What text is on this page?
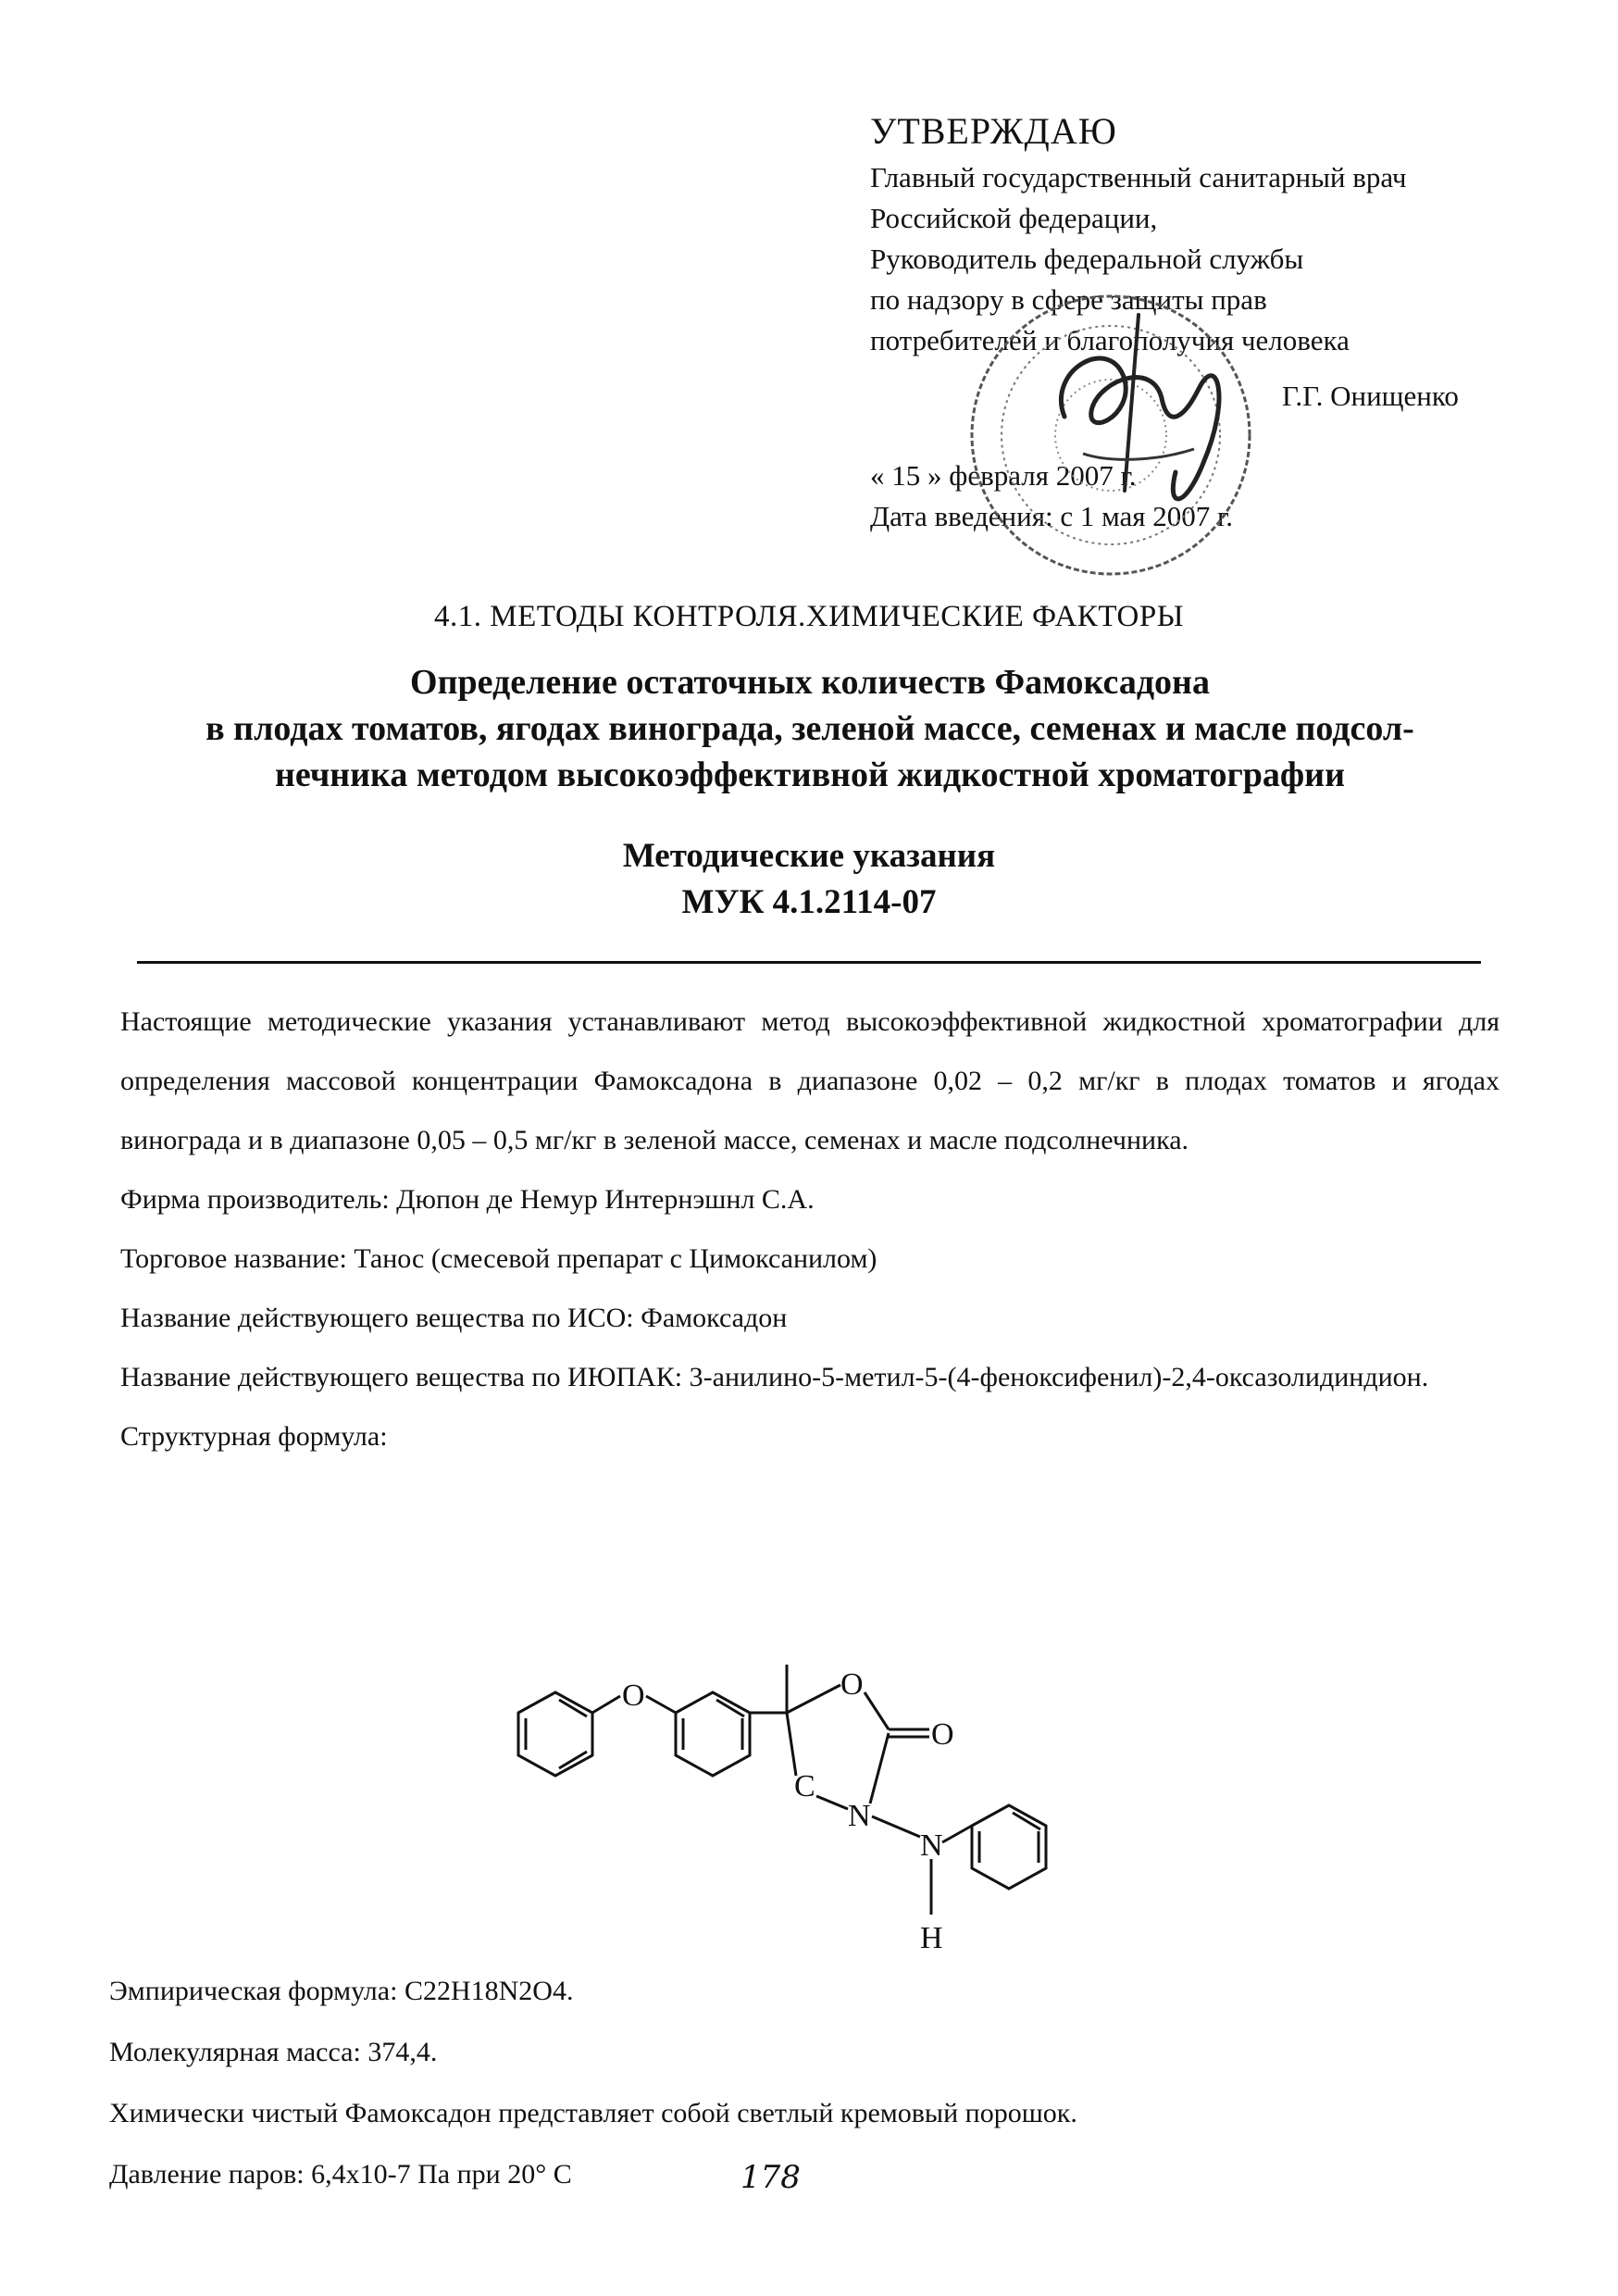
УТВЕРЖДАЮ
Главный государственный санитарный врач
Российской федерации,
Руководитель федеральной службы
по надзору в сфере защиты прав
потребителей и благополучия человека
Г.Г. Онищенко
« 15 » февраля 2007 г.
Дата введения: с 1 мая 2007 г.
4.1. МЕТОДЫ КОНТРОЛЯ.ХИМИЧЕСКИЕ ФАКТОРЫ
Определение остаточных количеств Фамоксадона
в плодах томатов, ягодах винограда, зеленой массе, семенах и масле подсол-
нечника методом высокоэффективной жидкостной хроматографии
Методические указания
МУК 4.1.2114-07
Настоящие методические указания устанавливают метод высокоэффективной жидкостной хроматографии для определения массовой концентрации Фамоксадона в диапазоне 0,02 – 0,2 мг/кг в плодах томатов и ягодах винограда и в диапазоне 0,05 – 0,5 мг/кг в зеленой массе, семенах и масле подсолнечника.

Фирма производитель: Дюпон де Немур Интернэшнл С.А.

Торговое название: Танос (смесевой препарат с Цимоксанилом)

Название действующего вещества по ИСО: Фамоксадон

Название действующего вещества по ИЮПАК: 3-анилино-5-метил-5-(4-феноксифенил)-2,4-оксазолидиндион.

Структурная формула:

O	O
O
C
N
N
H

Эмпирическая формула: C22H18N2O4.

Молекулярная масса: 374,4.

Химически чистый Фамоксадон представляет собой светлый кремовый порошок.

Давление паров: 6,4x10-7 Па при 20° С	178
